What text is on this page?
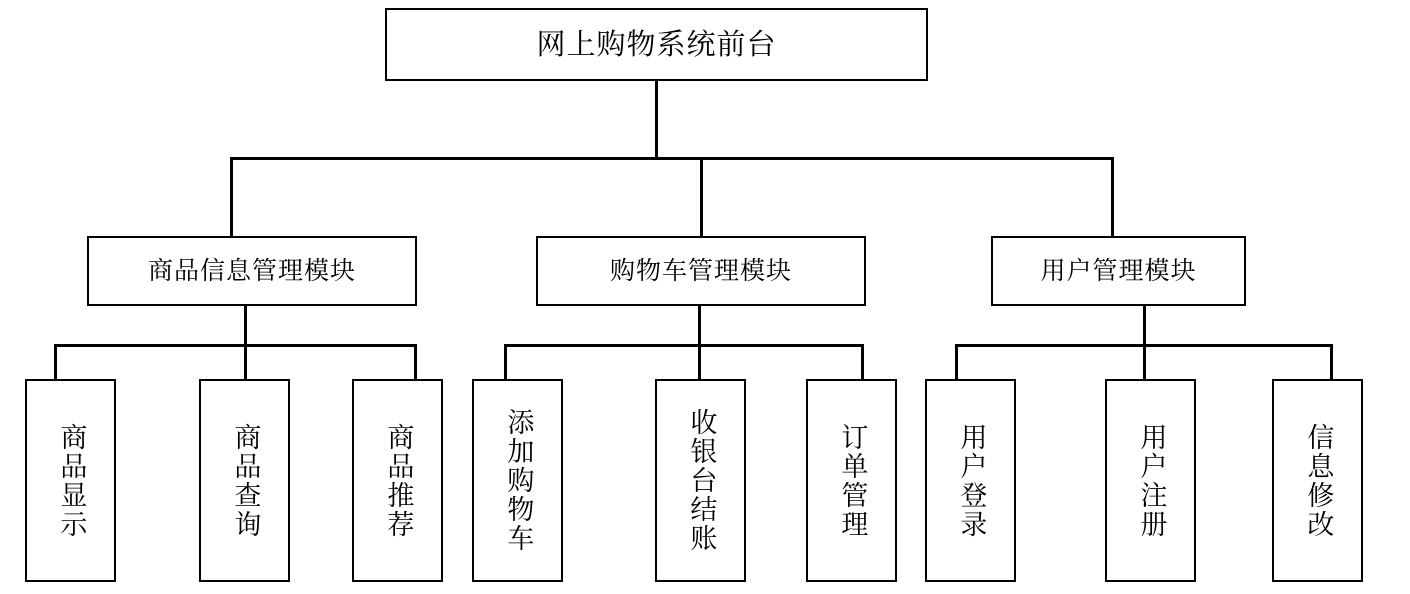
网上购物系统前台
商品信息管理模块	购物车管理模块	用户管理模块
商品显示	商品查询	商品推荐	添加购物车	收银台结账	订单管理	用户登录	用户注册	信息修改
